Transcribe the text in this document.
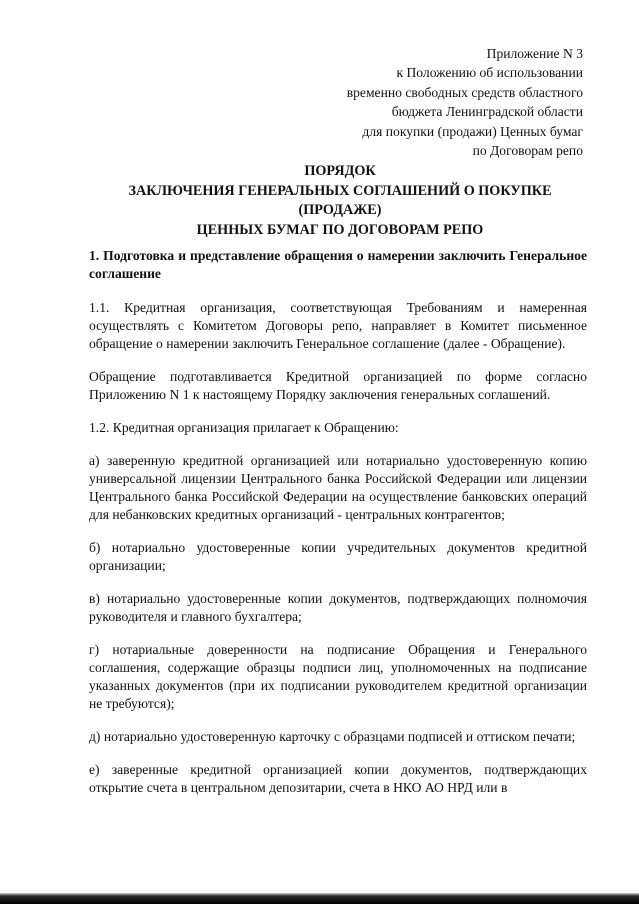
Приложение N 3
к Положению об использовании
временно свободных средств областного
бюджета Ленинградской области
для покупки (продажи) Ценных бумаг
по Договорам репо
ПОРЯДОК
ЗАКЛЮЧЕНИЯ ГЕНЕРАЛЬНЫХ СОГЛАШЕНИЙ О ПОКУПКЕ
(ПРОДАЖЕ)
ЦЕННЫХ БУМАГ ПО ДОГОВОРАМ РЕПО

1. Подготовка и представление обращения о намерении заключить Генеральное соглашение

1.1. Кредитная организация, соответствующая Требованиям и намеренная осуществлять с Комитетом Договоры репо, направляет в Комитет письменное обращение о намерении заключить Генеральное соглашение (далее - Обращение).

Обращение подготавливается Кредитной организацией по форме согласно Приложению N 1 к настоящему Порядку заключения генеральных соглашений.

1.2. Кредитная организация прилагает к Обращению:

а) заверенную кредитной организацией или нотариально удостоверенную копию универсальной лицензии Центрального банка Российской Федерации или лицензии Центрального банка Российской Федерации на осуществление банковских операций для небанковских кредитных организаций - центральных контрагентов;

б) нотариально удостоверенные копии учредительных документов кредитной организации;

в) нотариально удостоверенные копии документов, подтверждающих полномочия руководителя и главного бухгалтера;

г) нотариальные доверенности на подписание Обращения и Генерального соглашения, содержащие образцы подписи лиц, уполномоченных на подписание указанных документов (при их подписании руководителем кредитной организации не требуются);

д) нотариально удостоверенную карточку с образцами подписей и оттиском печати;

е) заверенные кредитной организацией копии документов, подтверждающих открытие счета в центральном депозитарии, счета в НКО АО НРД или в
